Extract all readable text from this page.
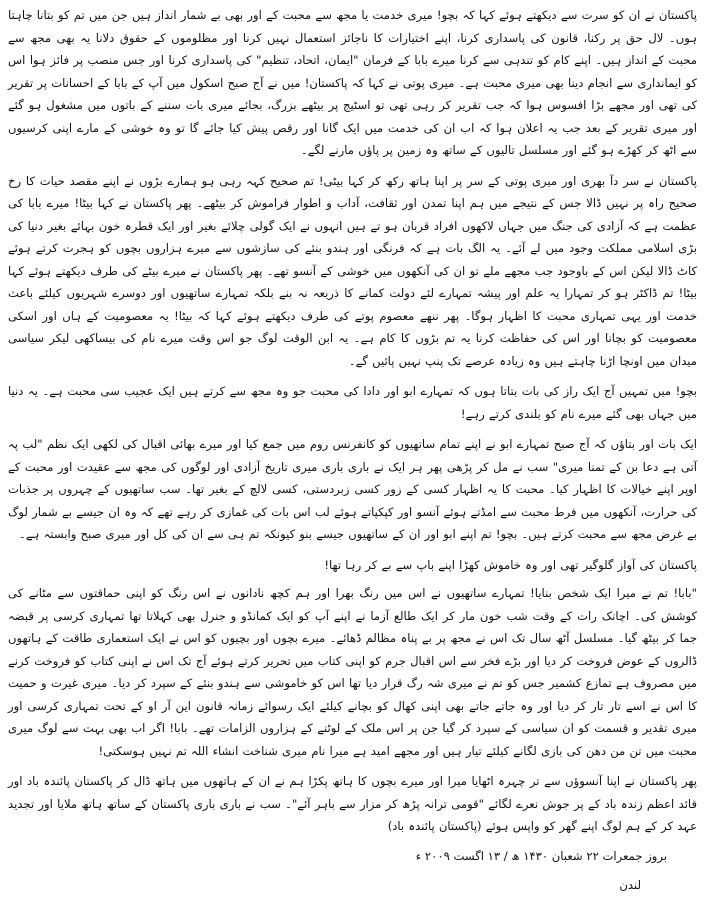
پاکستان نے ان کو سرت سے دیکھتے ہوئے کہا کہ بچو! میری خدمت یا مجھ سے محبت کے اور بھی بے شمار انداز ہیں جن میں تم کو بتانا چاہتا ہوں۔ لال حق پر رکنا، قانون کی پاسداری کرنا، اپنے اختیارات کا ناجائز استعمال نہیں کرنا اور مظلوموں کے حقوق دلانا یہ بھی مجھ سے محبت کے انداز ہیں۔ اپنے کام کو تندہی سے کرنا میرے بابا کے فرمان "ایمان، اتحاد، تنظیم" کی پاسداری کرنا اور جس منصب پر فائز ہوا اس کو ایمانداری سے انجام دینا بھی میری محبت ہے۔ میری پوتی نے کہا کہ پاکستان! میں نے آج صبح اسکول میں آپ کے بابا کے احسانات پر تقریر کی تھی اور مجھے بڑا افسوس ہوا کہ جب تقریر کر رہی تھی تو اسٹیج پر بیٹھے بزرگ، بجائے میری بات سننے کے باتوں میں مشغول ہو گئے اور میری تقریر کے بعد جب یہ اعلان ہوا کہ اب ان کی خدمت میں ایک گانا اور رقص پیش کیا جائے گا تو وہ خوشی کے مارے اپنی کرسیوں سے اٹھ کر کھڑے ہو گئے اور مسلسل تالیوں کے ساتھ وہ زمین پر پاؤں مارنے لگے۔

پاکستان نے سر دآ بھری اور میری پوتی کے سر پر اپنا ہاتھ رکھ کر کہا بیٹی! تم صحیح کہہ رہی ہو ہمارے بڑوں نے اپنے مقصد حیات کا رخ صحیح راہ پر نہیں ڈالا جس کے نتیجے میں ہم اپنا تمدن اور ثقافت، آداب و اطوار فراموش کر بیٹھے۔ پھر پاکستان نے کہا بیٹا! میرے بابا کی عظمت ہے کہ آزادی کی جنگ میں جہاں لاکھوں افراد قربان ہو تے ہیں انہوں نے ایک گولی چلائے بغیر اور ایک قطرہ خون بہائے بغیر دنیا کی بڑی اسلامی مملکت وجود میں لے آئے۔ یہ الگ بات ہے کہ فرنگی اور ہندو بنئے کی سازشوں سے میرے ہزاروں بچوں کو ہجرت کرتے ہوئے کاٹ ڈالا لیکن اس کے باوجود جب مجھے ملے تو ان کی آنکھوں میں خوشی کے آنسو تھے۔ پھر پاکستان نے میرے بیٹے کی طرف دیکھتے ہوئے کہا بیٹا! تم ڈاکٹر ہو کر تمہارا یہ علم اور پیشہ تمہارے لئے دولت کمانے کا ذریعہ نہ بنے بلکہ تمہارے ساتھیوں اور دوسرے شہریوں کیلئے باعث خدمت اور یہی تمہاری محبت کا اظہار ہوگا۔ پھر ننھے معصوم پوتے کی طرف دیکھتے ہوئے کہا کہ بیٹا! یہ معصومیت کے ہاں اور اسکی معصومیت کو بچانا اور اس کی حفاظت کرنا یہ تم بڑوں کا کام ہے۔ یہ ابن الوقت لوگ جو اس وقت میرے نام کی بیساکھی لیکر سیاسی میدان میں اونچا اڑنا چاہتے ہیں وہ زیادہ عرصے تک پنپ نہیں پائیں گے۔

بچو! میں تمہیں آج ایک راز کی بات بتاتا ہوں کہ تمہارے ابو اور دادا کی محبت جو وہ مجھ سے کرتے ہیں ایک عجیب سی محبت ہے۔ یہ دنیا میں جہاں بھی گئے میرے نام کو بلندی کرتے رہے!

ایک بات اور بتاؤں کہ آج صبح تمہارے ابو نے اپنے تمام ساتھیوں کو کانفرنس روم میں جمع کیا اور میرے بھائی اقبال کی لکھی ایک نظم "لب پہ آتی ہے دعا بن کے تمنا میری" سب نے مل کر پڑھی پھر ہر ایک نے باری باری میری تاریخ آزادی اور لوگوں کی مجھ سے عقیدت اور محبت کے اوپر اپنے خیالات کا اظہار کیا۔ محبت کا یہ اظہار کسی کے زور کسی زبردستی، کسی لالچ کے بغیر تھا۔ سب ساتھیوں کے چہروں پر جذبات کی حرارت، آنکھوں میں فرط محبت سے امڈتے ہوئے آنسو اور کپکپاتے ہوئے لب اس بات کی غمازی کر رہے تھے کہ وہ ان جیسے بے شمار لوگ بے غرض مجھ سے محبت کرتے ہیں۔ بچو! تم اپنے ابو اور ان کے ساتھیوں جیسے بنو کیونکہ تم ہی سے ان کی کل اور میری صبح وابستہ ہے۔

پاکستان کی آواز گلوگیر تھی اور وہ خاموش کھڑا اپنے باپ سے بے کر رہا تھا!

"بابا! تم نے میرا ایک شخص بنایا! تمہارے ساتھیوں نے اس میں رنگ بھرا اور ہم کچھ نادانوں نے اس رنگ کو اپنی حماقتوں سے مٹانے کی کوشش کی۔ اچانک رات کے وقت شب خون مار کر ایک طالع آزما نے اپنے آپ کو ایک کمانڈو و جنرل بھی کہلاتا تھا تمہاری کرسی پر قبضہ جما کر بیٹھ گیا۔ مسلسل آٹھ سال تک اس نے مجھ پر بے پناہ مظالم ڈھائے۔ میرے بچوں اور بچیوں کو اس نے ایک استعماری طاقت کے ہاتھوں ڈالروں کے عوض فروخت کر دیا اور بڑے فخر سے اس اقبال جرم کو اپنی کتاب میں تحریر کرتے ہوئے آج تک اس نے اپنی کتاب کو فروخت کرنے میں مصروف ہے تمازع کشمیر جس کو تم نے میری شہ رگ قرار دیا تھا اس کو خاموشی سے ہندو بنئے کے سپرد کر دیا۔ میری غیرت و حمیت کا اس نے اسے تار تار کر دیا اور وہ جاتے جاتے بھی اپنی کھال کو بچانے کیلئے ایک رسوائے زمانہ قانون این آر او کے تحت تمہاری کرسی اور میری تقدیر و قسمت کو ان سیاسی کے سپرد کر گیا جن پر اس ملک کے لوٹنے کے ہزاروں الزامات تھے۔ بابا! اگر اب بھی بہت سے لوگ میری محبت میں تن من دھن کی بازی لگانے کیلئے تیار ہیں اور مجھے امید ہے میرا نام میری شناخت انشاء اللہ تم نہیں ہوسکتی!

پھر پاکستان نے اپنا آنسوؤں سے تر چہرہ اٹھایا میرا اور میرے بچوں کا ہاتھ پکڑا ہم نے ان کے ہاتھوں میں ہاتھ ڈال کر پاکستان پائندہ باد اور قائد اعظم زندہ باد کے پر جوش نعرے لگائے "قومی ترانہ پڑھ کر مزار سے باہر آئے"۔ سب نے باری باری پاکستان کے ساتھ ہاتھ ملایا اور تجدید عہد کر کے ہم لوگ اپنے گھر کو واپس ہوئے (پاکستان پائندہ باد)

بروز جمعرات ۲۲ شعبان ۱۴۳۰ ھ / ۱۳ اگست ۲۰۰۹ ء
لندن
